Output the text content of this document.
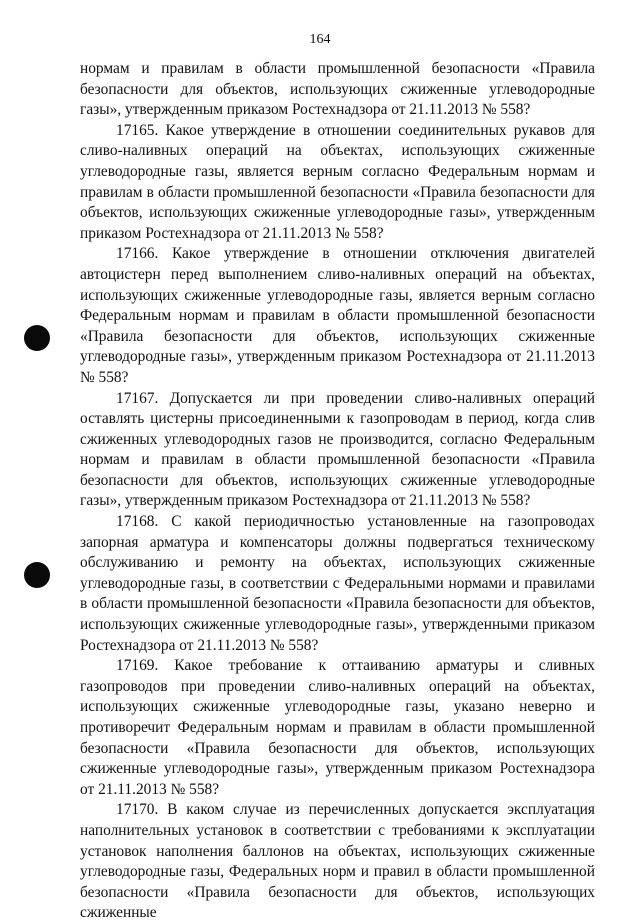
164

нормам и правилам в области промышленной безопасности «Правила безопасности для объектов, использующих сжиженные углеводородные газы», утвержденным приказом Ростехнадзора от 21.11.2013 № 558?

17165. Какое утверждение в отношении соединительных рукавов для сливо-наливных операций на объектах, использующих сжиженные углеводородные газы, является верным согласно Федеральным нормам и правилам в области промышленной безопасности «Правила безопасности для объектов, использующих сжиженные углеводородные газы», утвержденным приказом Ростехнадзора от 21.11.2013 № 558?

17166. Какое утверждение в отношении отключения двигателей автоцистерн перед выполнением сливо-наливных операций на объектах, использующих сжиженные углеводородные газы, является верным согласно Федеральным нормам и правилам в области промышленной безопасности «Правила безопасности для объектов, использующих сжиженные углеводородные газы», утвержденным приказом Ростехнадзора от 21.11.2013 № 558?

17167. Допускается ли при проведении сливо-наливных операций оставлять цистерны присоединенными к газопроводам в период, когда слив сжиженных углеводородных газов не производится, согласно Федеральным нормам и правилам в области промышленной безопасности «Правила безопасности для объектов, использующих сжиженные углеводородные газы», утвержденным приказом Ростехнадзора от 21.11.2013 № 558?

17168. С какой периодичностью установленные на газопроводах запорная арматура и компенсаторы должны подвергаться техническому обслуживанию и ремонту на объектах, использующих сжиженные углеводородные газы, в соответствии с Федеральными нормами и правилами в области промышленной безопасности «Правила безопасности для объектов, использующих сжиженные углеводородные газы», утвержденными приказом Ростехнадзора от 21.11.2013 № 558?

17169. Какое требование к оттаиванию арматуры и сливных газопроводов при проведении сливо-наливных операций на объектах, использующих сжиженные углеводородные газы, указано неверно и противоречит Федеральным нормам и правилам в области промышленной безопасности «Правила безопасности для объектов, использующих сжиженные углеводородные газы», утвержденным приказом Ростехнадзора от 21.11.2013 № 558?

17170. В каком случае из перечисленных допускается эксплуатация наполнительных установок в соответствии с требованиями к эксплуатации установок наполнения баллонов на объектах, использующих сжиженные углеводородные газы, Федеральных норм и правил в области промышленной безопасности «Правила безопасности для объектов, использующих сжиженные
